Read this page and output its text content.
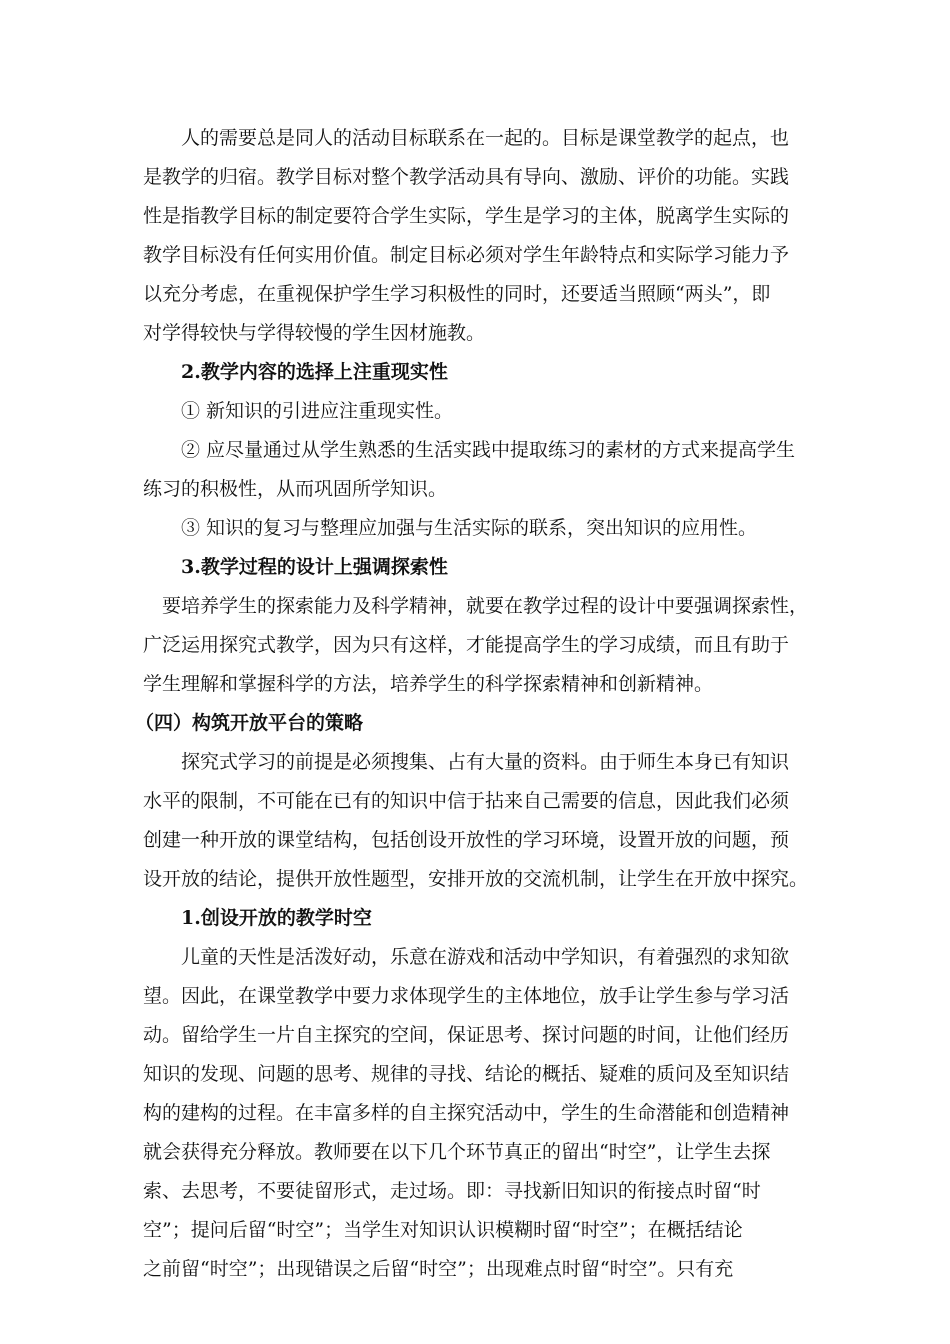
人的需要总是同人的活动目标联系在一起的。目标是课堂教学的起点，也
是教学的归宿。教学目标对整个教学活动具有导向、激励、评价的功能。实践
性是指教学目标的制定要符合学生实际，学生是学习的主体，脱离学生实际的
教学目标没有任何实用价值。制定目标必须对学生年龄特点和实际学习能力予
以充分考虑，在重视保护学生学习积极性的同时，还要适当照顾“两头”，即
对学得较快与学得较慢的学生因材施教。
2.教学内容的选择上注重现实性
① 新知识的引进应注重现实性。
② 应尽量通过从学生熟悉的生活实践中提取练习的素材的方式来提高学生
练习的积极性，从而巩固所学知识。
③ 知识的复习与整理应加强与生活实际的联系，突出知识的应用性。
3.教学过程的设计上强调探索性
要培养学生的探索能力及科学精神，就要在教学过程的设计中要强调探索性，
广泛运用探究式教学，因为只有这样，才能提高学生的学习成绩，而且有助于
学生理解和掌握科学的方法，培养学生的科学探索精神和创新精神。
（四）构筑开放平台的策略
探究式学习的前提是必须搜集、占有大量的资料。由于师生本身已有知识
水平的限制，不可能在已有的知识中信于拈来自己需要的信息，因此我们必须
创建一种开放的课堂结构，包括创设开放性的学习环境，设置开放的问题，预
设开放的结论，提供开放性题型，安排开放的交流机制，让学生在开放中探究。
1.创设开放的教学时空
儿童的天性是活泼好动，乐意在游戏和活动中学知识，有着强烈的求知欲
望。因此，在课堂教学中要力求体现学生的主体地位，放手让学生参与学习活
动。留给学生一片自主探究的空间，保证思考、探讨问题的时间，让他们经历
知识的发现、问题的思考、规律的寻找、结论的概括、疑难的质问及至知识结
构的建构的过程。在丰富多样的自主探究活动中，学生的生命潜能和创造精神
就会获得充分释放。教师要在以下几个环节真正的留出“时空”，让学生去探
索、去思考，不要徒留形式，走过场。即：寻找新旧知识的衔接点时留“时
空”；提问后留“时空”；当学生对知识认识模糊时留“时空”；在概括结论
之前留“时空”；出现错误之后留“时空”；出现难点时留“时空”。只有充
